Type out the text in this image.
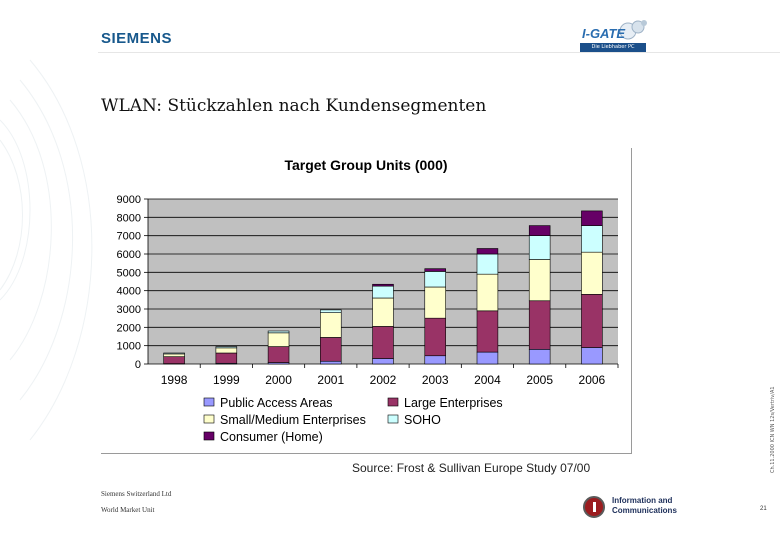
SIEMENS	I-GATE
Die Liebhaber PC Netzwerk
WLAN: Stückzahlen nach Kundensegmenten
Target Group Units (000)
0
1000
2000
3000
4000
5000
6000
7000
8000
9000
1998 1999 2000 2001 2002 2003 2004 2005 2006
Public Access Areas	Large Enterprises
Small/Medium Enterprises	SOHO
Consumer (Home)
Source: Frost & Sullivan Europe Study 07/00	Ch.11.2000 ICN WN 12s/Vertriv/A1
Siemens Switzerland Ltd
World Market Unit
Information and
Communications	21
